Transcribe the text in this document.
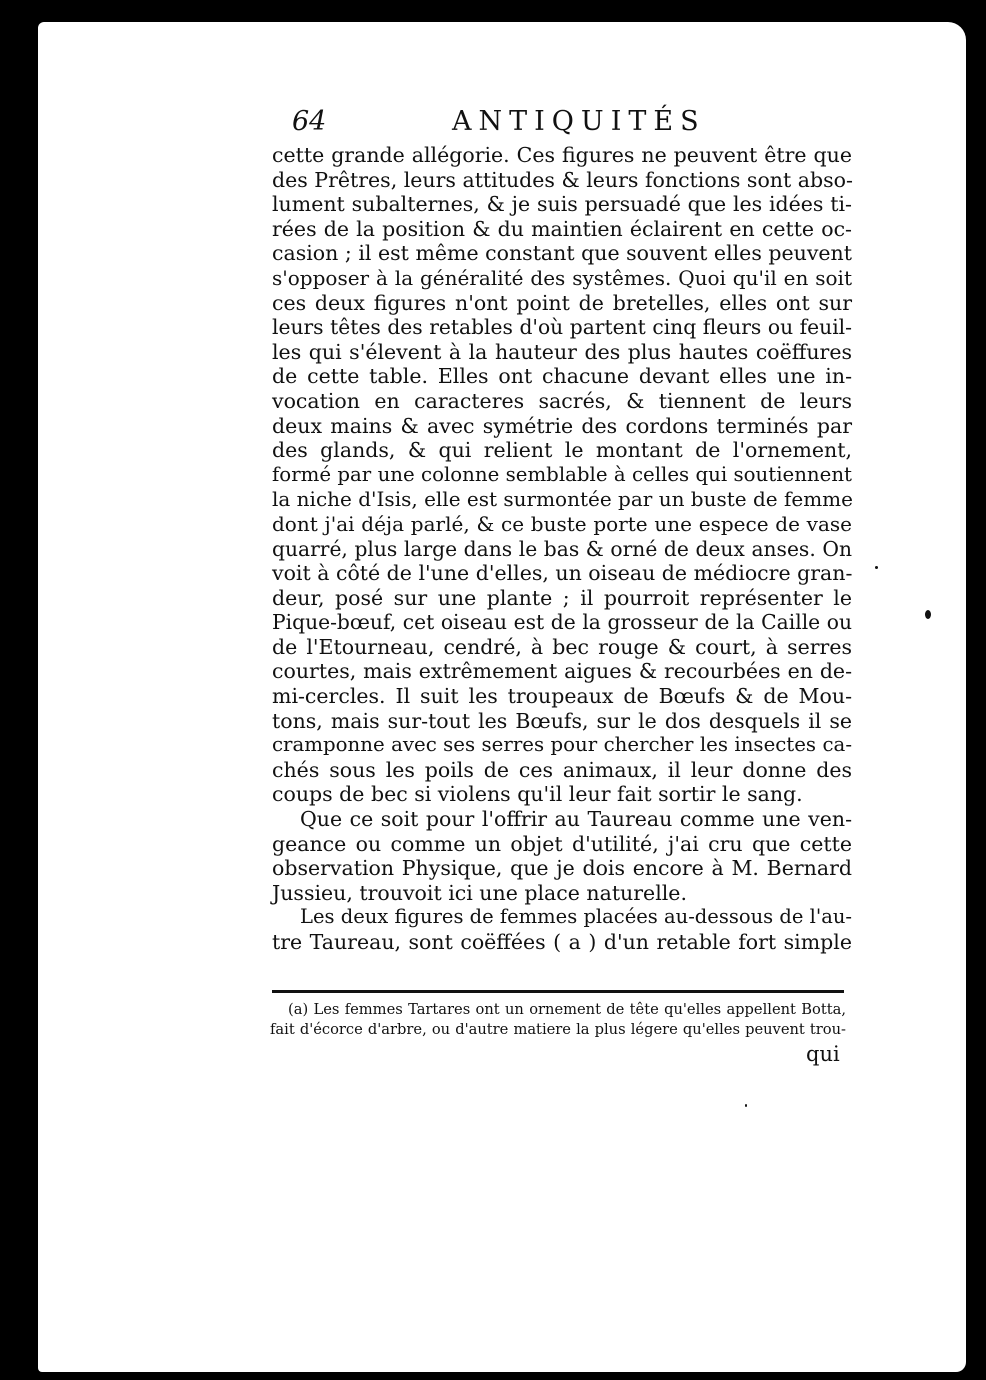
64	ANTIQUITÉS
cette grande allégorie. Ces figures ne peuvent être que
des Prêtres, leurs attitudes & leurs fonctions sont abso-
lument subalternes, & je suis persuadé que les idées ti-
rées de la position & du maintien éclairent en cette oc-
casion ; il est même constant que souvent elles peuvent
s'opposer à la généralité des systêmes. Quoi qu'il en soit
ces deux figures n'ont point de bretelles, elles ont sur
leurs têtes des retables d'où partent cinq fleurs ou feuil-
les qui s'élevent à la hauteur des plus hautes coëffures
de cette table. Elles ont chacune devant elles une in-
vocation en caracteres sacrés, & tiennent de leurs
deux mains & avec symétrie des cordons terminés par
des glands, & qui relient le montant de l'ornement,
formé par une colonne semblable à celles qui soutiennent
la niche d'Isis, elle est surmontée par un buste de femme
dont j'ai déja parlé, & ce buste porte une espece de vase
quarré, plus large dans le bas & orné de deux anses. On
voit à côté de l'une d'elles, un oiseau de médiocre gran-
deur, posé sur une plante ; il pourroit représenter le
Pique-bœuf, cet oiseau est de la grosseur de la Caille ou
de l'Etourneau, cendré, à bec rouge & court, à serres
courtes, mais extrêmement aigues & recourbées en de-
mi-cercles. Il suit les troupeaux de Bœufs & de Mou-
tons, mais sur-tout les Bœufs, sur le dos desquels il se
cramponne avec ses serres pour chercher les insectes ca-
chés sous les poils de ces animaux, il leur donne des
coups de bec si violens qu'il leur fait sortir le sang.
Que ce soit pour l'offrir au Taureau comme une ven-
geance ou comme un objet d'utilité, j'ai cru que cette
observation Physique, que je dois encore à M. Bernard
Jussieu, trouvoit ici une place naturelle.
Les deux figures de femmes placées au-dessous de l'au-
tre Taureau, sont coëffées ( a ) d'un retable fort simple
(a) Les femmes Tartares ont un ornement de tête qu'elles appellent Botta,
fait d'écorce d'arbre, ou d'autre matiere la plus légere qu'elles peuvent trou-
qui
